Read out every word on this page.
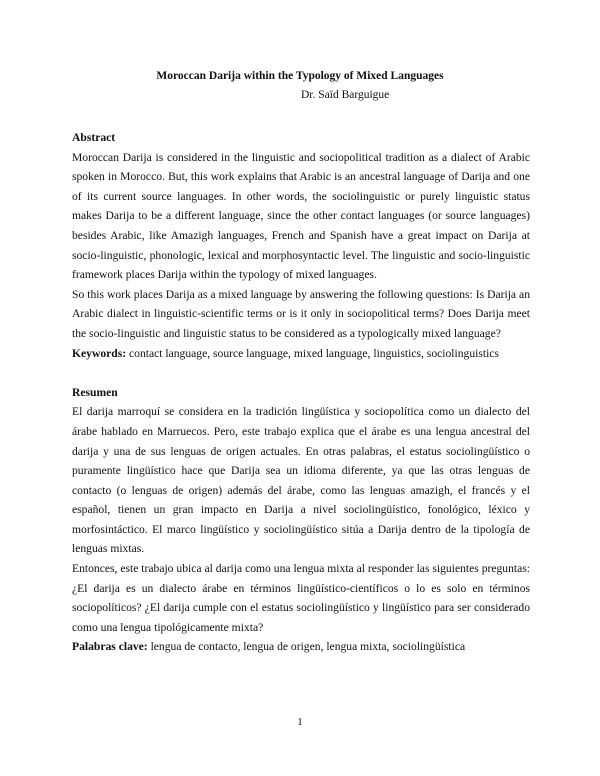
Moroccan Darija within the Typology of Mixed Languages
Dr. Saïd Barguigue

Abstract

Moroccan Darija is considered in the linguistic and sociopolitical tradition as a dialect of Arabic spoken in Morocco. But, this work explains that Arabic is an ancestral language of Darija and one of its current source languages. In other words, the sociolinguistic or purely linguistic status makes Darija to be a different language, since the other contact languages (or source languages) besides Arabic, like Amazigh languages, French and Spanish have a great impact on Darija at socio-linguistic, phonologic, lexical and morphosyntactic level. The linguistic and socio-linguistic framework places Darija within the typology of mixed languages.

So this work places Darija as a mixed language by answering the following questions: Is Darija an Arabic dialect in linguistic-scientific terms or is it only in sociopolitical terms? Does Darija meet the socio-linguistic and linguistic status to be considered as a typologically mixed language?

Keywords: contact language, source language, mixed language, linguistics, sociolinguistics

Resumen

El darija marroquí se considera en la tradición lingüística y sociopolítica como un dialecto del árabe hablado en Marruecos. Pero, este trabajo explica que el árabe es una lengua ancestral del darija y una de sus lenguas de origen actuales. En otras palabras, el estatus sociolingüístico o puramente lingüístico hace que Darija sea un idioma diferente, ya que las otras lenguas de contacto (o lenguas de origen) además del árabe, como las lenguas amazigh, el francés y el español, tienen un gran impacto en Darija a nivel sociolingüístico, fonológico, léxico y morfosintáctico. El marco lingüístico y sociolingüístico sitúa a Darija dentro de la tipología de lenguas mixtas.

Entonces, este trabajo ubica al darija como una lengua mixta al responder las siguientes preguntas: ¿El darija es un dialecto árabe en términos lingüístico-científicos o lo es solo en términos sociopolíticos? ¿El darija cumple con el estatus sociolingüístico y lingüístico para ser considerado como una lengua tipológicamente mixta?

Palabras clave: lengua de contacto, lengua de origen, lengua mixta, sociolingüística

1
